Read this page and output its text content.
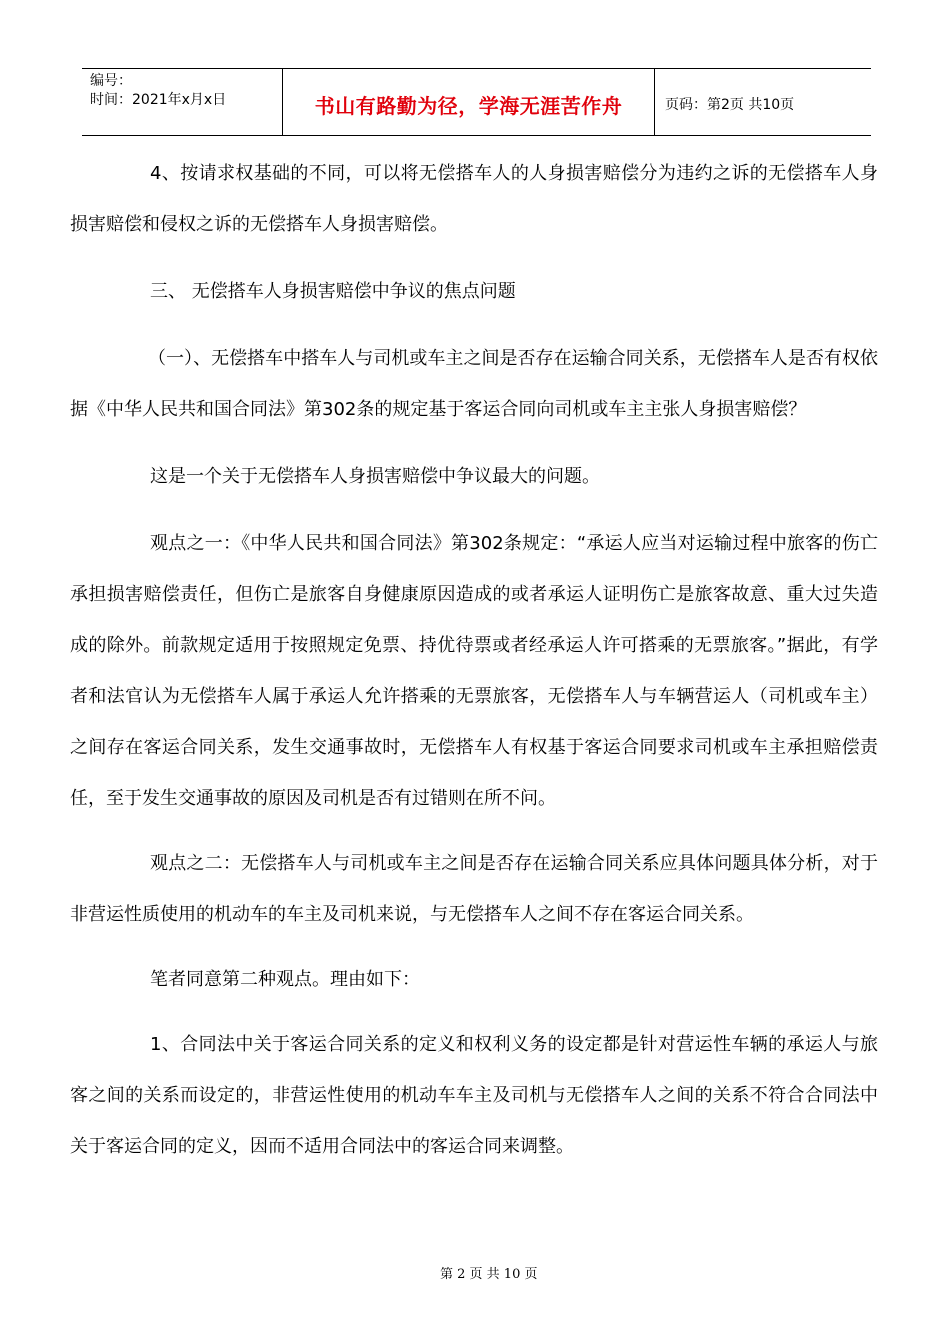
编号：
时间：2021年x月x日	书山有路勤为径，学海无涯苦作舟	页码：第2页 共10页

4、按请求权基础的不同，可以将无偿搭车人的人身损害赔偿分为违约之诉的无偿搭车人身损害赔偿和侵权之诉的无偿搭车人身损害赔偿。

三、 无偿搭车人身损害赔偿中争议的焦点问题

（一）、无偿搭车中搭车人与司机或车主之间是否存在运输合同关系，无偿搭车人是否有权依据《中华人民共和国合同法》第302条的规定基于客运合同向司机或车主主张人身损害赔偿？

这是一个关于无偿搭车人身损害赔偿中争议最大的问题。

观点之一：《中华人民共和国合同法》第302条规定：“承运人应当对运输过程中旅客的伤亡承担损害赔偿责任，但伤亡是旅客自身健康原因造成的或者承运人证明伤亡是旅客故意、重大过失造成的除外。前款规定适用于按照规定免票、持优待票或者经承运人许可搭乘的无票旅客。”据此，有学者和法官认为无偿搭车人属于承运人允许搭乘的无票旅客，无偿搭车人与车辆营运人（司机或车主）之间存在客运合同关系，发生交通事故时，无偿搭车人有权基于客运合同要求司机或车主承担赔偿责任，至于发生交通事故的原因及司机是否有过错则在所不问。

观点之二：无偿搭车人与司机或车主之间是否存在运输合同关系应具体问题具体分析，对于非营运性质使用的机动车的车主及司机来说，与无偿搭车人之间不存在客运合同关系。

笔者同意第二种观点。理由如下：

1、合同法中关于客运合同关系的定义和权利义务的设定都是针对营运性车辆的承运人与旅客之间的关系而设定的，非营运性使用的机动车车主及司机与无偿搭车人之间的关系不符合合同法中关于客运合同的定义，因而不适用合同法中的客运合同来调整。

第 2 页 共 10 页
